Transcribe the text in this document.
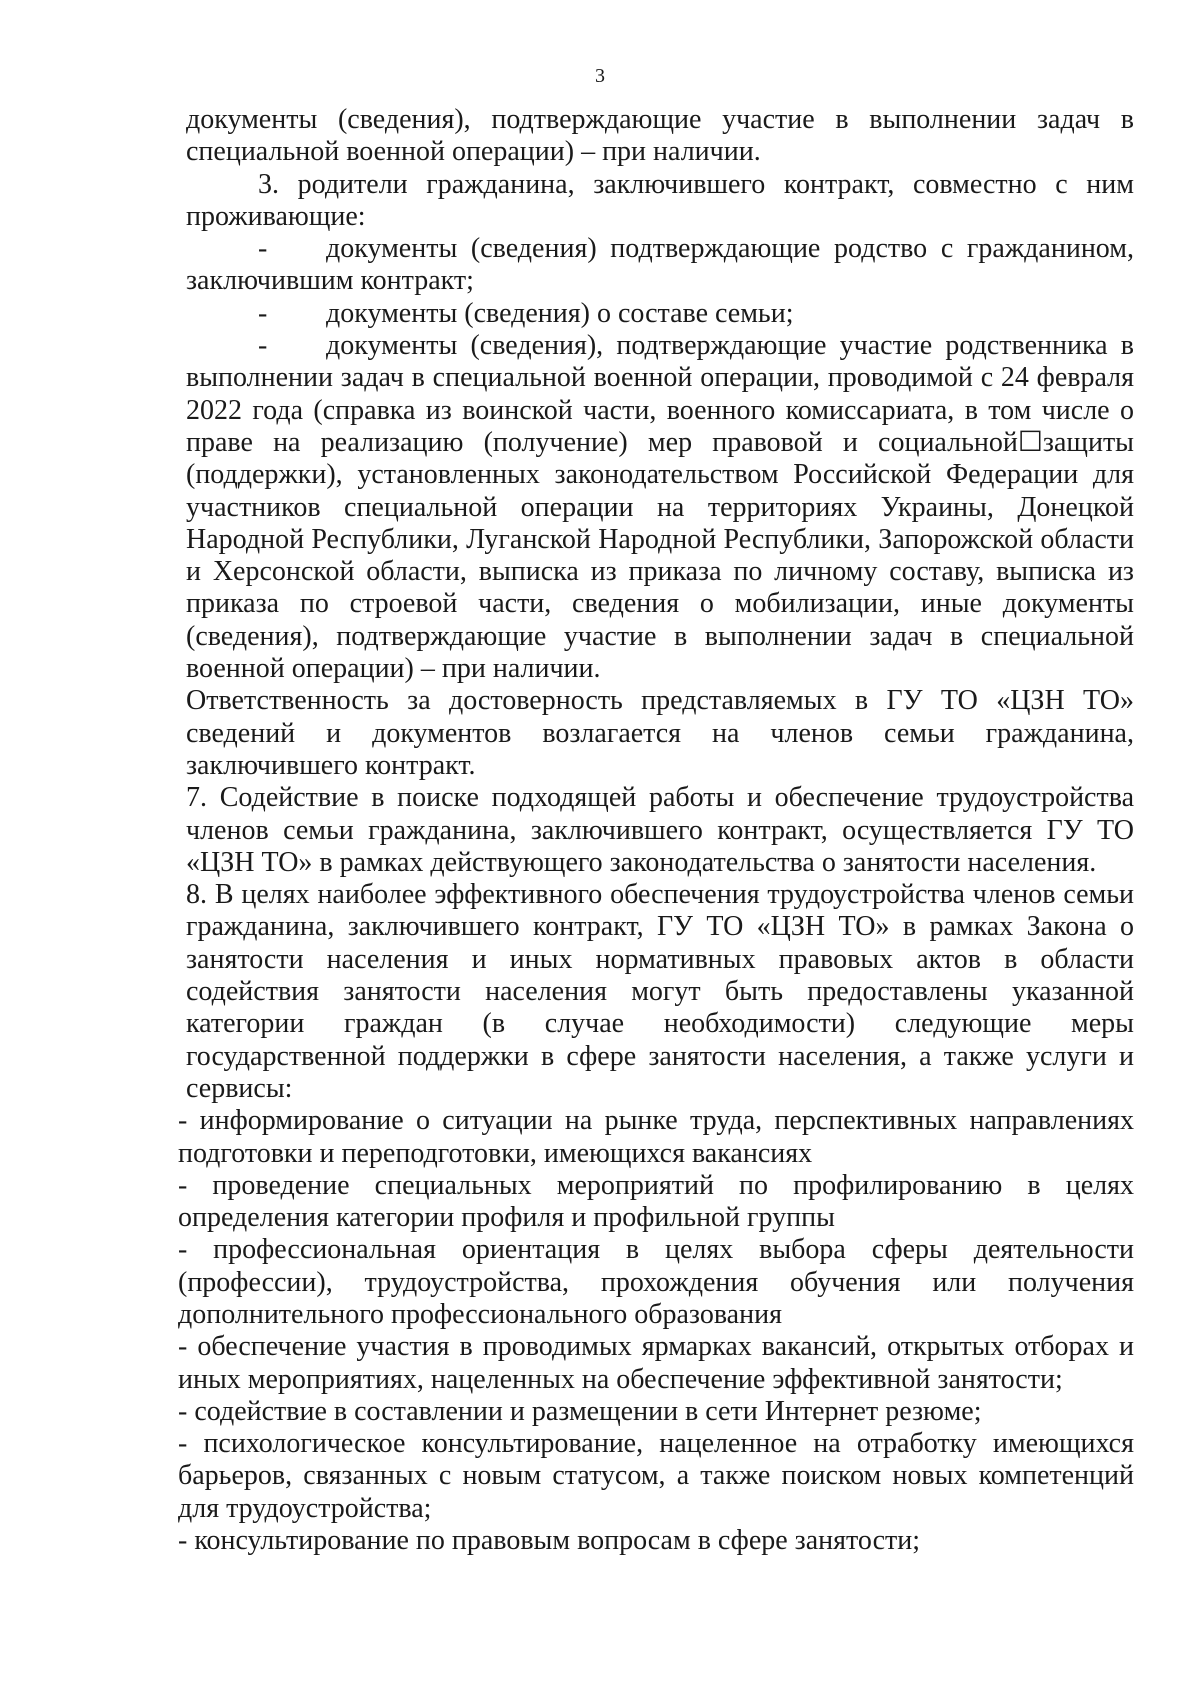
3

документы (сведения), подтверждающие участие в выполнении задач в специальной военной операции) – при наличии.

3. родители гражданина, заключившего контракт, совместно с ним проживающие:

- документы (сведения) подтверждающие родство с гражданином, заключившим контракт;

- документы (сведения) о составе семьи;

- документы (сведения), подтверждающие участие родственника в выполнении задач в специальной военной операции, проводимой с 24 февраля 2022 года (справка из воинской части, военного комиссариата, в том числе о праве на реализацию (получение) мер правовой и социальной☐защиты (поддержки), установленных законодательством Российской Федерации для участников специальной операции на территориях Украины, Донецкой Народной Республики, Луганской Народной Республики, Запорожской области и Херсонской области, выписка из приказа по личному составу, выписка из приказа по строевой части, сведения о мобилизации, иные документы (сведения), подтверждающие участие в выполнении задач в специальной военной операции) – при наличии.

Ответственность за достоверность представляемых в ГУ ТО «ЦЗН ТО» сведений и документов возлагается на членов семьи гражданина, заключившего контракт.

7. Содействие в поиске подходящей работы и обеспечение трудоустройства членов семьи гражданина, заключившего контракт, осуществляется ГУ ТО «ЦЗН ТО» в рамках действующего законодательства о занятости населения.

8. В целях наиболее эффективного обеспечения трудоустройства членов семьи гражданина, заключившего контракт, ГУ ТО «ЦЗН ТО» в рамках Закона о занятости населения и иных нормативных правовых актов в области содействия занятости населения могут быть предоставлены указанной категории граждан (в случае необходимости) следующие меры государственной поддержки в сфере занятости населения, а также услуги и сервисы:

- информирование о ситуации на рынке труда, перспективных направлениях подготовки и переподготовки, имеющихся вакансиях

- проведение специальных мероприятий по профилированию в целях определения категории профиля и профильной группы

- профессиональная ориентация в целях выбора сферы деятельности (профессии), трудоустройства, прохождения обучения или получения дополнительного профессионального образования

- обеспечение участия в проводимых ярмарках вакансий, открытых отборах и иных мероприятиях, нацеленных на обеспечение эффективной занятости;

- содействие в составлении и размещении в сети Интернет резюме;

- психологическое консультирование, нацеленное на отработку имеющихся барьеров, связанных с новым статусом, а также поиском новых компетенций для трудоустройства;

- консультирование по правовым вопросам в сфере занятости;
